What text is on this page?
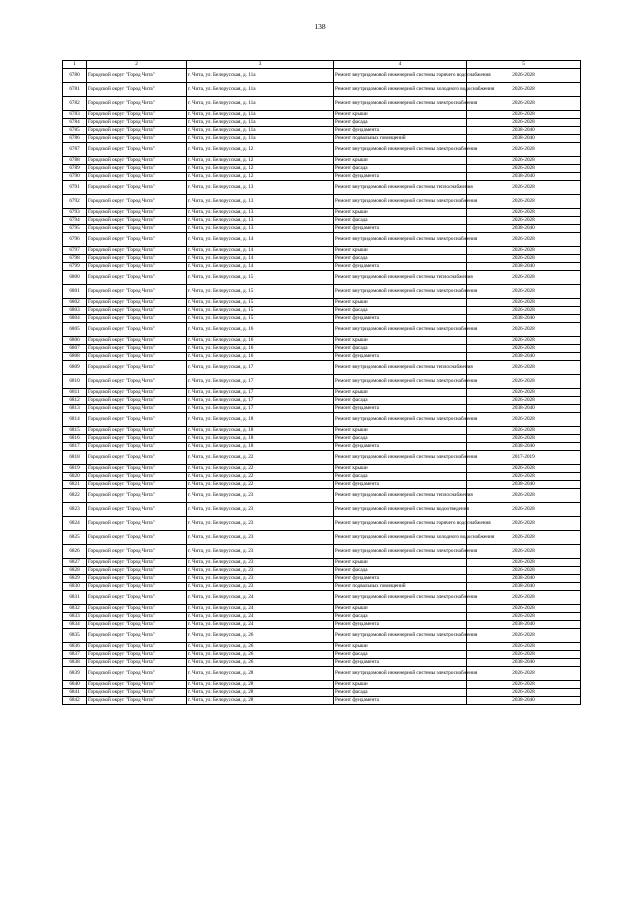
138
1	2	3	4	5
6780	Городской округ "Город Чита"	г. Чита, ул. Белорусская, д. 11а	Ремонт внутридомовой инженерной системы горячего водоснабжения	2026-2028
6781	Городской округ "Город Чита"	г. Чита, ул. Белорусская, д. 11а	Ремонт внутридомовой инженерной системы холодного водоснабжения	2026-2028
6782	Городской округ "Город Чита"	г. Чита, ул. Белорусская, д. 11а	Ремонт внутридомовой инженерной системы электроснабжения	2026-2028
6783	Городской округ "Город Чита"	г. Чита, ул. Белорусская, д. 11а	Ремонт крыши	2026-2028
6784	Городской округ "Город Чита"	г. Чита, ул. Белорусская, д. 11а	Ремонт фасада	2026-2028
6785	Городской округ "Город Чита"	г. Чита, ул. Белорусская, д. 11а	Ремонт фундамента	2038-2040
6786	Городской округ "Город Чита"	г. Чита, ул. Белорусская, д. 11а	Ремонт подвальных помещений	2038-2040
6787	Городской округ "Город Чита"	г. Чита, ул. Белорусская, д. 12	Ремонт внутридомовой инженерной системы электроснабжения	2026-2028
6788	Городской округ "Город Чита"	г. Чита, ул. Белорусская, д. 12	Ремонт крыши	2026-2028
6789	Городской округ "Город Чита"	г. Чита, ул. Белорусская, д. 12	Ремонт фасада	2026-2028
6790	Городской округ "Город Чита"	г. Чита, ул. Белорусская, д. 12	Ремонт фундамента	2038-2040
6791	Городской округ "Город Чита"	г. Чита, ул. Белорусская, д. 13	Ремонт внутридомовой инженерной системы теплоснабжения	2026-2028
6792	Городской округ "Город Чита"	г. Чита, ул. Белорусская, д. 13	Ремонт внутридомовой инженерной системы электроснабжения	2026-2028
6793	Городской округ "Город Чита"	г. Чита, ул. Белорусская, д. 13	Ремонт крыши	2026-2028
6794	Городской округ "Город Чита"	г. Чита, ул. Белорусская, д. 13	Ремонт фасада	2026-2028
6795	Городской округ "Город Чита"	г. Чита, ул. Белорусская, д. 13	Ремонт фундамента	2038-2040
6796	Городской округ "Город Чита"	г. Чита, ул. Белорусская, д. 14	Ремонт внутридомовой инженерной системы электроснабжения	2026-2028
6797	Городской округ "Город Чита"	г. Чита, ул. Белорусская, д. 14	Ремонт крыши	2026-2028
6798	Городской округ "Город Чита"	г. Чита, ул. Белорусская, д. 14	Ремонт фасада	2026-2028
6799	Городской округ "Город Чита"	г. Чита, ул. Белорусская, д. 14	Ремонт фундамента	2038-2040
6800	Городской округ "Город Чита"	г. Чита, ул. Белорусская, д. 15	Ремонт внутридомовой инженерной системы теплоснабжения	2026-2028
6801	Городской округ "Город Чита"	г. Чита, ул. Белорусская, д. 15	Ремонт внутридомовой инженерной системы электроснабжения	2026-2028
6802	Городской округ "Город Чита"	г. Чита, ул. Белорусская, д. 15	Ремонт крыши	2026-2028
6803	Городской округ "Город Чита"	г. Чита, ул. Белорусская, д. 15	Ремонт фасада	2026-2028
6804	Городской округ "Город Чита"	г. Чита, ул. Белорусская, д. 15	Ремонт фундамента	2038-2040
6805	Городской округ "Город Чита"	г. Чита, ул. Белорусская, д. 16	Ремонт внутридомовой инженерной системы электроснабжения	2026-2028
6806	Городской округ "Город Чита"	г. Чита, ул. Белорусская, д. 16	Ремонт крыши	2026-2028
6807	Городской округ "Город Чита"	г. Чита, ул. Белорусская, д. 16	Ремонт фасада	2026-2028
6808	Городской округ "Город Чита"	г. Чита, ул. Белорусская, д. 16	Ремонт фундамента	2038-2040
6809	Городской округ "Город Чита"	г. Чита, ул. Белорусская, д. 17	Ремонт внутридомовой инженерной системы теплоснабжения	2026-2028
6810	Городской округ "Город Чита"	г. Чита, ул. Белорусская, д. 17	Ремонт внутридомовой инженерной системы электроснабжения	2026-2028
6811	Городской округ "Город Чита"	г. Чита, ул. Белорусская, д. 17	Ремонт крыши	2026-2028
6812	Городской округ "Город Чита"	г. Чита, ул. Белорусская, д. 17	Ремонт фасада	2026-2028
6813	Городской округ "Город Чита"	г. Чита, ул. Белорусская, д. 17	Ремонт фундамента	2038-2040
6814	Городской округ "Город Чита"	г. Чита, ул. Белорусская, д. 18	Ремонт внутридомовой инженерной системы электроснабжения	2026-2028
6815	Городской округ "Город Чита"	г. Чита, ул. Белорусская, д. 18	Ремонт крыши	2026-2028
6816	Городской округ "Город Чита"	г. Чита, ул. Белорусская, д. 18	Ремонт фасада	2026-2028
6817	Городской округ "Город Чита"	г. Чита, ул. Белорусская, д. 18	Ремонт фундамента	2038-2040
6818	Городской округ "Город Чита"	г. Чита, ул. Белорусская, д. 22	Ремонт внутридомовой инженерной системы электроснабжения	2017-2019
6819	Городской округ "Город Чита"	г. Чита, ул. Белорусская, д. 22	Ремонт крыши	2026-2028
6820	Городской округ "Город Чита"	г. Чита, ул. Белорусская, д. 22	Ремонт фасада	2026-2028
6821	Городской округ "Город Чита"	г. Чита, ул. Белорусская, д. 22	Ремонт фундамента	2038-2040
6822	Городской округ "Город Чита"	г. Чита, ул. Белорусская, д. 23	Ремонт внутридомовой инженерной системы теплоснабжения	2026-2028
6823	Городской округ "Город Чита"	г. Чита, ул. Белорусская, д. 23	Ремонт внутридомовой инженерной системы водоотведения	2026-2028
6824	Городской округ "Город Чита"	г. Чита, ул. Белорусская, д. 23	Ремонт внутридомовой инженерной системы горячего водоснабжения	2026-2028
6825	Городской округ "Город Чита"	г. Чита, ул. Белорусская, д. 23	Ремонт внутридомовой инженерной системы холодного водоснабжения	2026-2028
6826	Городской округ "Город Чита"	г. Чита, ул. Белорусская, д. 23	Ремонт внутридомовой инженерной системы электроснабжения	2026-2028
6827	Городской округ "Город Чита"	г. Чита, ул. Белорусская, д. 23	Ремонт крыши	2026-2028
6828	Городской округ "Город Чита"	г. Чита, ул. Белорусская, д. 23	Ремонт фасада	2026-2028
6829	Городской округ "Город Чита"	г. Чита, ул. Белорусская, д. 23	Ремонт фундамента	2038-2040
6830	Городской округ "Город Чита"	г. Чита, ул. Белорусская, д. 23	Ремонт подвальных помещений	2038-2040
6831	Городской округ "Город Чита"	г. Чита, ул. Белорусская, д. 24	Ремонт внутридомовой инженерной системы электроснабжения	2026-2028
6832	Городской округ "Город Чита"	г. Чита, ул. Белорусская, д. 24	Ремонт крыши	2026-2028
6833	Городской округ "Город Чита"	г. Чита, ул. Белорусская, д. 24	Ремонт фасада	2026-2028
6834	Городской округ "Город Чита"	г. Чита, ул. Белорусская, д. 24	Ремонт фундамента	2038-2040
6835	Городской округ "Город Чита"	г. Чита, ул. Белорусская, д. 26	Ремонт внутридомовой инженерной системы электроснабжения	2026-2028
6836	Городской округ "Город Чита"	г. Чита, ул. Белорусская, д. 26	Ремонт крыши	2026-2028
6837	Городской округ "Город Чита"	г. Чита, ул. Белорусская, д. 26	Ремонт фасада	2026-2028
6838	Городской округ "Город Чита"	г. Чита, ул. Белорусская, д. 26	Ремонт фундамента	2038-2040
6839	Городской округ "Город Чита"	г. Чита, ул. Белорусская, д. 28	Ремонт внутридомовой инженерной системы электроснабжения	2026-2028
6840	Городской округ "Город Чита"	г. Чита, ул. Белорусская, д. 28	Ремонт крыши	2026-2028
6841	Городской округ "Город Чита"	г. Чита, ул. Белорусская, д. 28	Ремонт фасада	2026-2028
6842	Городской округ "Город Чита"	г. Чита, ул. Белорусская, д. 28	Ремонт фундамента	2038-2040
